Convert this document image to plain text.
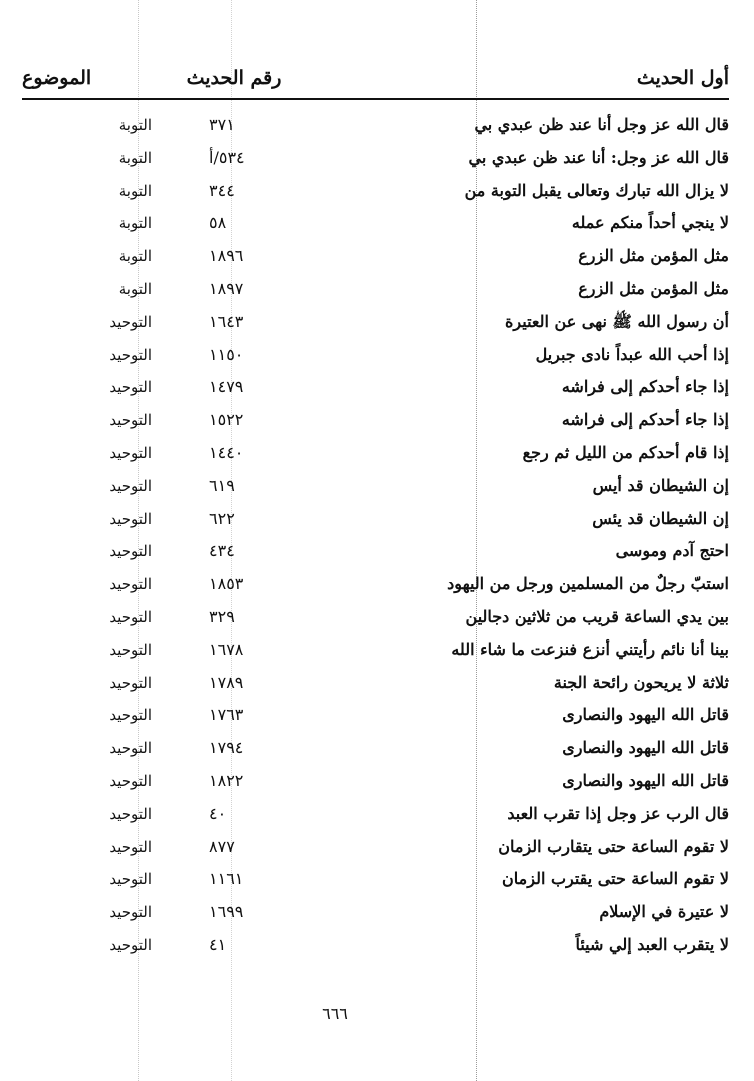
أول الحديث
رقم الحديث
الموضوع
قال الله عز وجل أنا عند ظن عبدي بي
٣٧١
التوبة
قال الله عز وجل: أنا عند ظن عبدي بي
٥٣٤/أ
التوبة
لا يزال الله تبارك وتعالى يقبل التوبة من
٣٤٤
التوبة
لا ينجي أحداً منكم عمله
٥٨
التوبة
مثل المؤمن مثل الزرع
١٨٩٦
التوبة
مثل المؤمن مثل الزرع
١٨٩٧
التوبة
أن رسول الله ﷺ نهى عن العتيرة
١٦٤٣
التوحيد
إذا أحب الله عبداً نادى جبريل
١١٥٠
التوحيد
إذا جاء أحدكم إلى فراشه
١٤٧٩
التوحيد
إذا جاء أحدكم إلى فراشه
١٥٢٢
التوحيد
إذا قام أحدكم من الليل ثم رجع
١٤٤٠
التوحيد
إن الشيطان قد أيس
٦١٩
التوحيد
إن الشيطان قد يئس
٦٢٢
التوحيد
احتج آدم وموسى
٤٣٤
التوحيد
استبّ رجلٌ من المسلمين ورجل من اليهود
١٨٥٣
التوحيد
بين يدي الساعة قريب من ثلاثين دجالين
٣٢٩
التوحيد
بينا أنا نائم رأيتني أنزع فنزعت ما شاء الله
١٦٧٨
التوحيد
ثلاثة لا يريحون رائحة الجنة
١٧٨٩
التوحيد
قاتل الله اليهود والنصارى
١٧٦٣
التوحيد
قاتل الله اليهود والنصارى
١٧٩٤
التوحيد
قاتل الله اليهود والنصارى
١٨٢٢
التوحيد
قال الرب عز وجل إذا تقرب العبد
٤٠
التوحيد
لا تقوم الساعة حتى يتقارب الزمان
٨٧٧
التوحيد
لا تقوم الساعة حتى يقترب الزمان
١١٦١
التوحيد
لا عتيرة في الإسلام
١٦٩٩
التوحيد
لا يتقرب العبد إلي شيئاً
٤١
التوحيد
٦٦٦
